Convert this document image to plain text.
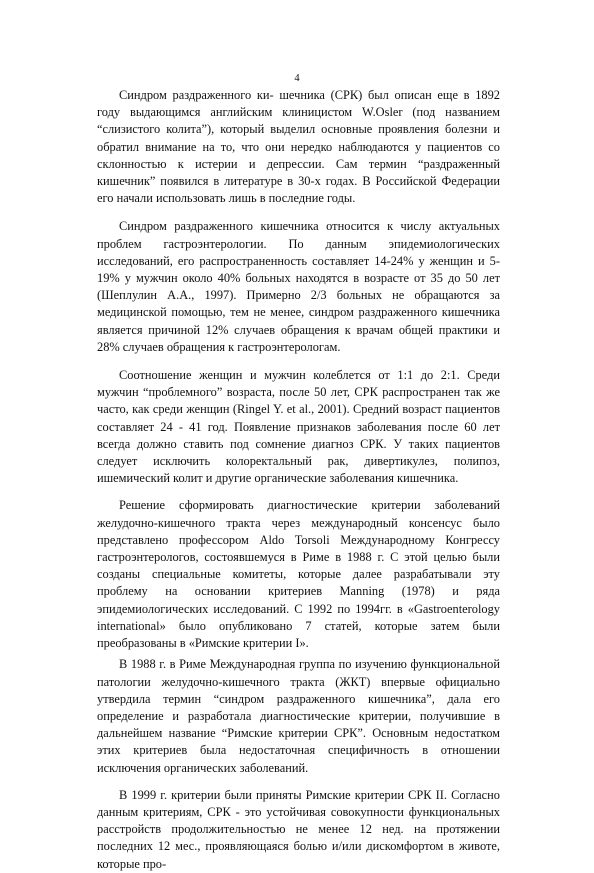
4

Синдром раздраженного ки- шечника (СРК) был описан еще в 1892 году выдающимся английским клиницистом W.Osler (под названием “слизистого колита”), который выделил основные проявления болезни и обратил внимание на то, что они нередко наблюдаются у пациентов со склонностью к истерии и депрессии. Сам термин “раздраженный кишечник” появился в литературе в 30-х годах. В Российской Федерации его начали использовать лишь в последние годы.

Синдром раздраженного кишечника относится к числу актуальных проблем гастроэнтерологии. По данным эпидемиологических исследований, его распространенность составляет 14-24% у женщин и 5-19% у мужчин около 40% больных находятся в возрасте от 35 до 50 лет (Шеплулин А.А., 1997). Примерно 2/3 больных не обращаются за медицинской помощью, тем не менее, синдром раздраженного кишечника является причиной 12% случаев обращения к врачам общей практики и 28% случаев обращения к гастроэнтерологам.

Соотношение женщин и мужчин колеблется от 1:1 до 2:1. Среди мужчин “проблемного” возраста, после 50 лет, СРК распространен так же часто, как среди женщин (Ringel Y. et al., 2001). Средний возраст пациентов составляет 24 - 41 год. Появление признаков заболевания после 60 лет всегда должно ставить под сомнение диагноз СРК. У таких пациентов следует исключить колоректальный рак, дивертикулез, полипоз, ишемический колит и другие органические заболевания кишечника.

Решение сформировать диагностические критерии заболеваний желудочно-кишечного тракта через международный консенсус было представлено профессором Aldo Torsoli Международному Конгрессу гастроэнтерологов, состоявшемуся в Риме в 1988 г. С этой целью были созданы специальные комитеты, которые далее разрабатывали эту проблему на основании критериев Manning (1978) и ряда эпидемиологических исследований. С 1992 по 1994гг. в «Gastroenterology international» было опубликовано 7 статей, которые затем были преобразованы в «Римские критерии I».

В 1988 г. в Риме Международная группа по изучению функциональной патологии желудочно-кишечного тракта (ЖКТ) впервые официально утвердила термин “синдром раздраженного кишечника”, дала его определение и разработала диагностические критерии, получившие в дальнейшем название “Римские критерии СРК”. Основным недостатком этих критериев была недостаточная специфичность в отношении исключения органических заболеваний.

В 1999 г. критерии были приняты Римские критерии СРК II. Согласно данным критериям, СРК - это устойчивая совокупности функциональных расстройств продолжительностью не менее 12 нед. на протяжении последних 12 мес., проявляющаяся болью и/или дискомфортом в животе, которые про-
